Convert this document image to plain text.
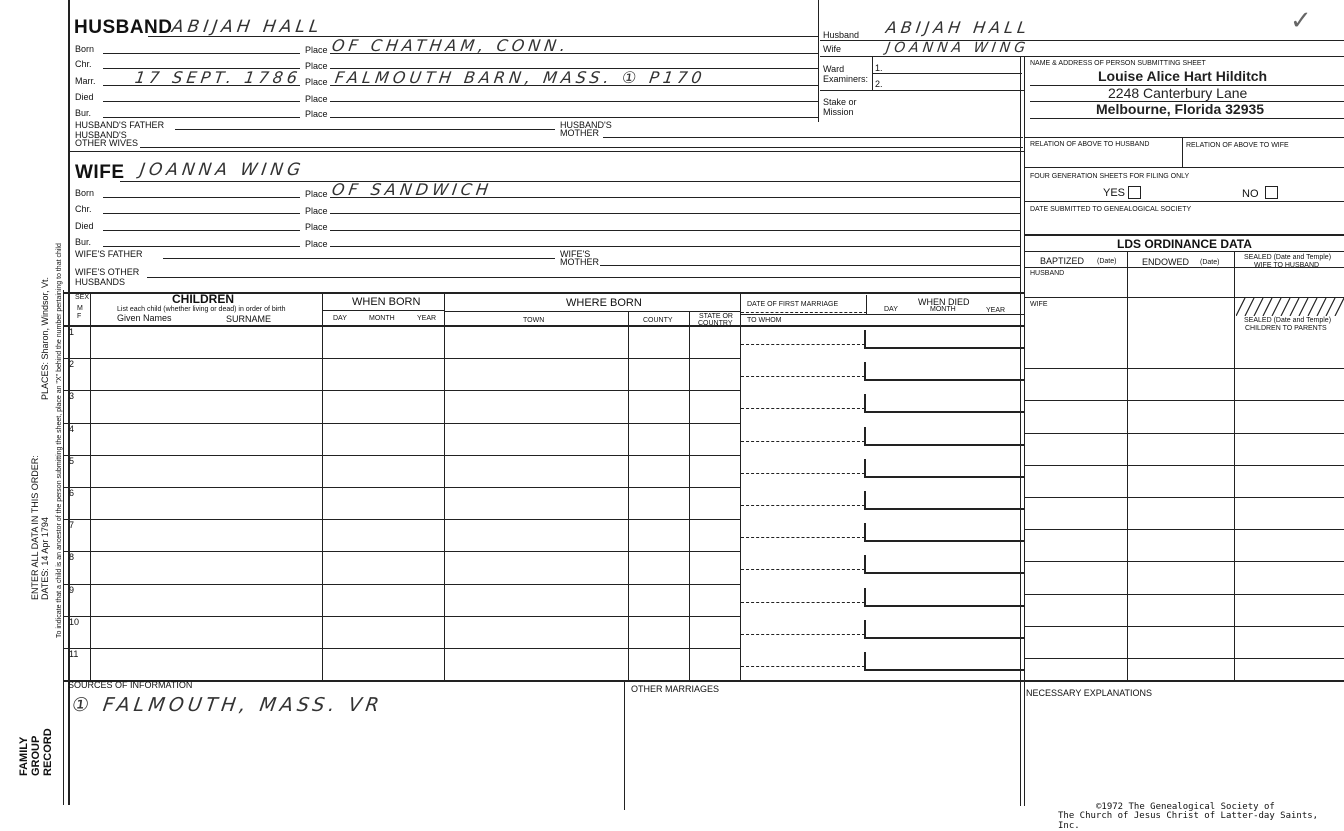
PLACES: Sharon, Windsor, Vt.
ENTER ALL DATA IN THIS ORDER: DATES: 14 Apr 1794 To indicate that a child is an ancestor of the person submitting the sheet, place an "X" behind the number pertaining to that child
FAMILY GROUP RECORD
HUSBAND
ABIJAH HALL
Born	Place OF CHATHAM, CONN.
Chr.	Place
Marr. 17 SEPT. 1786 Place FALMOUTH BARN, MASS. ① P170
Died	Place
Bur.	Place
HUSBAND'S FATHER	HUSBAND'S
MOTHER
HUSBAND'S
OTHER WIVES
WIFE JOANNA WING
Born	Place OF SANDWICH
Chr.	Place
Died	Place
Bur.	Place
WIFE'S FATHER	WIFE'S
MOTHER
WIFE'S OTHER
HUSBANDS
Husband ABIJAH HALL
Wife	JOANNA WING
Ward
Examiners:
1.
2.
Stake or
Mission
✓
NAME & ADDRESS OF PERSON SUBMITTING SHEET
Louise Alice Hart Hilditch
2248 Canterbury Lane
Melbourne, Florida 32935
RELATION OF ABOVE TO HUSBAND	RELATION OF ABOVE TO WIFE
FOUR GENERATION SHEETS FOR FILING ONLY
YES	NO
DATE SUBMITTED TO GENEALOGICAL SOCIETY
LDS ORDINANCE DATA
BAPTIZED (Date)	ENDOWED (Date)
SEALED (Date and Temple)
WIFE TO HUSBAND
HUSBAND
WIFE
SEALED (Date and Temple)
CHILDREN TO PARENTS
SEX
M
F
CHILDREN
List each child (whether living or dead) in order of birth
Given Names	SURNAME
WHEN BORN
DAY	MONTH	YEAR
WHERE BORN
TOWN	COUNTY
STATE OR
COUNTRY
DATE OF FIRST MARRIAGE
TO WHOM
WHEN DIED
DAY	MONTH	YEAR
1
2
3
4
5
6
7
8
9
10
11
SOURCES OF INFORMATION
① FALMOUTH, MASS. VR
OTHER MARRIAGES	NECESSARY EXPLANATIONS
©1972 The Genealogical Society of
The Church of Jesus Christ of Latter-day Saints, Inc.
